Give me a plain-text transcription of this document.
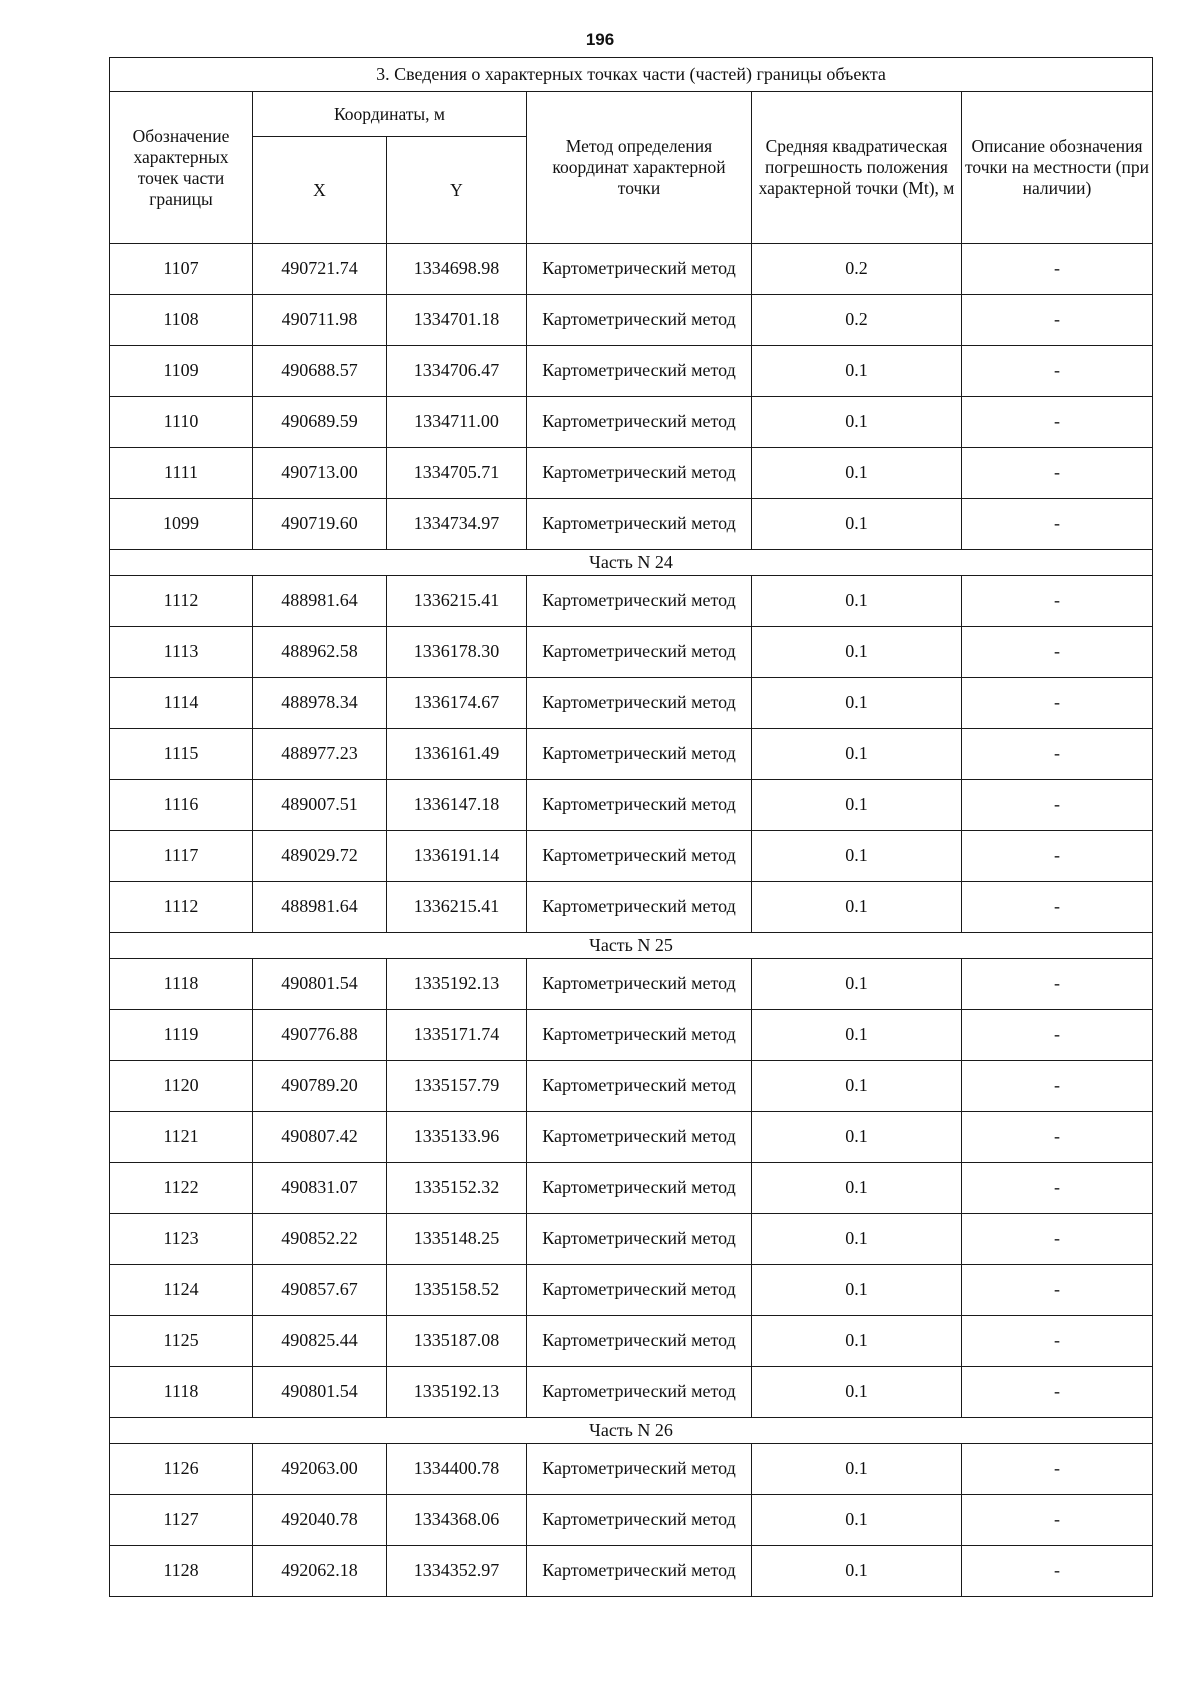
196
3. Сведения о характерных точках части (частей) границы объекта					
Обозначение характерных точек части границы	Координаты, м		Метод определения координат характерной точки	Средняя квадратическая погрешность положения характерной точки (Mt), м	Описание обозначения точки на местности (при наличии)
	X	Y			
1107	490721.74	1334698.98	Картометрический метод	0.2	-
1108	490711.98	1334701.18	Картометрический метод	0.2	-
1109	490688.57	1334706.47	Картометрический метод	0.1	-
1110	490689.59	1334711.00	Картометрический метод	0.1	-
1111	490713.00	1334705.71	Картометрический метод	0.1	-
1099	490719.60	1334734.97	Картометрический метод	0.1	-
Часть N 24					
1112	488981.64	1336215.41	Картометрический метод	0.1	-
1113	488962.58	1336178.30	Картометрический метод	0.1	-
1114	488978.34	1336174.67	Картометрический метод	0.1	-
1115	488977.23	1336161.49	Картометрический метод	0.1	-
1116	489007.51	1336147.18	Картометрический метод	0.1	-
1117	489029.72	1336191.14	Картометрический метод	0.1	-
1112	488981.64	1336215.41	Картометрический метод	0.1	-
Часть N 25					
1118	490801.54	1335192.13	Картометрический метод	0.1	-
1119	490776.88	1335171.74	Картометрический метод	0.1	-
1120	490789.20	1335157.79	Картометрический метод	0.1	-
1121	490807.42	1335133.96	Картометрический метод	0.1	-
1122	490831.07	1335152.32	Картометрический метод	0.1	-
1123	490852.22	1335148.25	Картометрический метод	0.1	-
1124	490857.67	1335158.52	Картометрический метод	0.1	-
1125	490825.44	1335187.08	Картометрический метод	0.1	-
1118	490801.54	1335192.13	Картометрический метод	0.1	-
Часть N 26					
1126	492063.00	1334400.78	Картометрический метод	0.1	-
1127	492040.78	1334368.06	Картометрический метод	0.1	-
1128	492062.18	1334352.97	Картометрический метод	0.1	-
